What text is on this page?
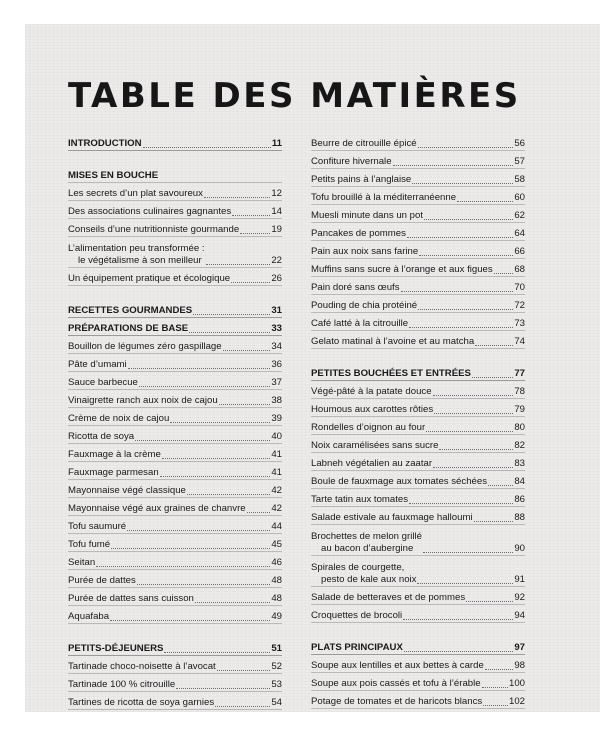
TABLE DES MATIÈRES
INTRODUCTION	11
MISES EN BOUCHE
Les secrets d’un plat savoureux	12
Des associations culinaires gagnantes	14
Conseils d’une nutritionniste gourmande	19
L’alimentation peu transformée :
le végétalisme à son meilleur	22
Un équipement pratique et écologique	26
RECETTES GOURMANDES	31
PRÉPARATIONS DE BASE	33
Bouillon de légumes zéro gaspillage	34
Pâte d’umami	36
Sauce barbecue	37
Vinaigrette ranch aux noix de cajou	38
Crème de noix de cajou	39
Ricotta de soya	40
Fauxmage à la crème	41
Fauxmage parmesan	41
Mayonnaise végé classique	42
Mayonnaise végé aux graines de chanvre	42
Tofu saumuré	44
Tofu fumé	45
Seitan	46
Purée de dattes	48
Purée de dattes sans cuisson	48
Aquafaba	49
PETITS-DÉJEUNERS	51
Tartinade choco-noisette à l’avocat	52
Tartinade 100 % citrouille	53
Tartines de ricotta de soya garnies	54
Beurre de citrouille épicé	56
Confiture hivernale	57
Petits pains à l’anglaise	58
Tofu brouillé à la méditerranéenne	60
Muesli minute dans un pot	62
Pancakes de pommes	64
Pain aux noix sans farine	66
Muffins sans sucre à l’orange et aux figues 68
Pain doré sans œufs	70
Pouding de chia protéiné	72
Café latté à la citrouille	73
Gelato matinal à l’avoine et au matcha	74
PETITES BOUCHÉES ET ENTRÉES	77
Végé-pâté à la patate douce	78
Houmous aux carottes rôties	79
Rondelles d’oignon au four	80
Noix caramélisées sans sucre	82
Labneh végétalien au zaatar	83
Boule de fauxmage aux tomates séchées	84
Tarte tatin aux tomates	86
Salade estivale au fauxmage halloumi	88
Brochettes de melon grillé
au bacon d’aubergine	90
Spirales de courgette,
pesto de kale aux noix	91
Salade de betteraves et de pommes	92
Croquettes de brocoli	94
PLATS PRINCIPAUX	97
Soupe aux lentilles et aux bettes à carde	98
Soupe aux pois cassés et tofu à l’érable	100
Potage de tomates et de haricots blancs	102
